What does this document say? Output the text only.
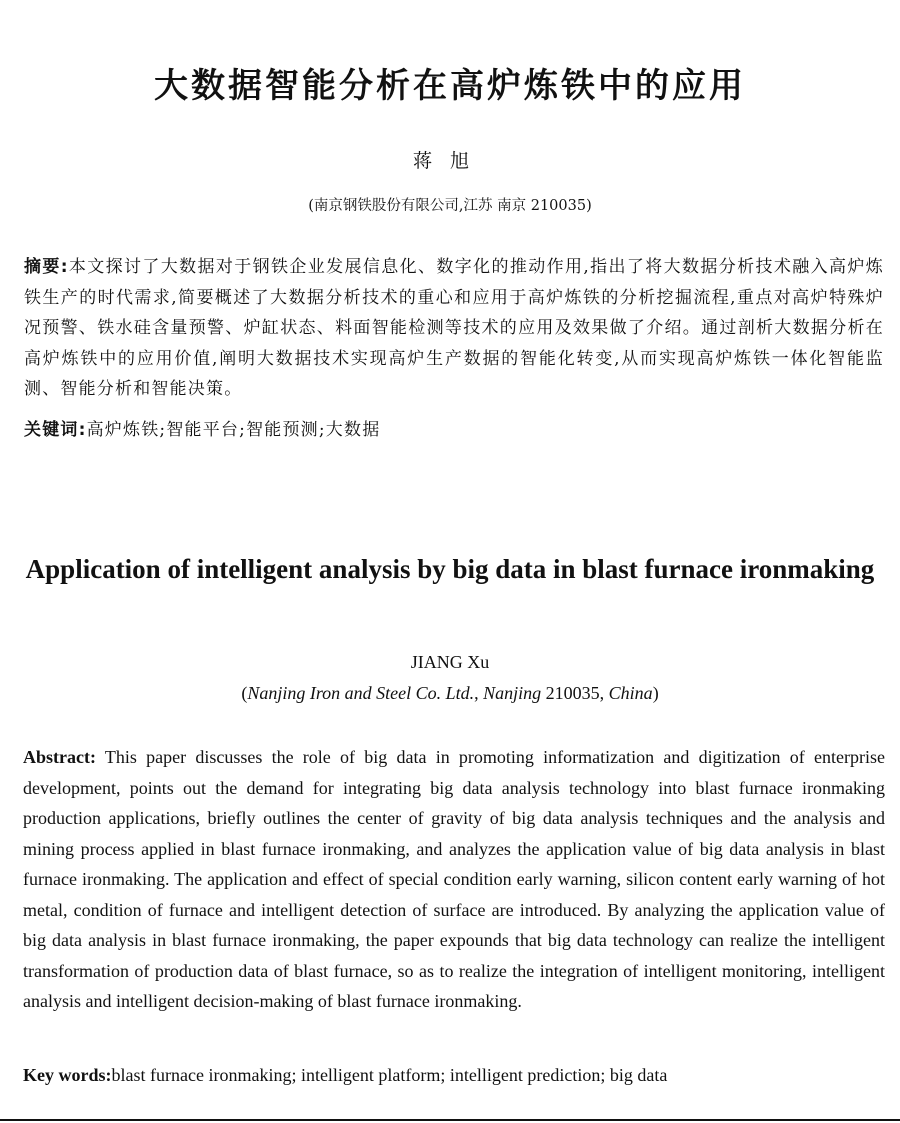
大数据智能分析在高炉炼铁中的应用
蒋旭
(南京钢铁股份有限公司,江苏 南京 210035)
摘要:本文探讨了大数据对于钢铁企业发展信息化、数字化的推动作用,指出了将大数据分析技术融入高炉炼铁生产的时代需求,简要概述了大数据分析技术的重心和应用于高炉炼铁的分析挖掘流程,重点对高炉特殊炉况预警、铁水硅含量预警、炉缸状态、料面智能检测等技术的应用及效果做了介绍。通过剖析大数据分析在高炉炼铁中的应用价值,阐明大数据技术实现高炉生产数据的智能化转变,从而实现高炉炼铁一体化智能监测、智能分析和智能决策。
关键词:高炉炼铁;智能平台;智能预测;大数据
Application of intelligent analysis by big data in blast furnace ironmaking
JIANG Xu
(Nanjing Iron and Steel Co. Ltd., Nanjing 210035, China)
Abstract: This paper discusses the role of big data in promoting informatization and digitization of enterprise development, points out the demand for integrating big data analysis technology into blast furnace ironmaking production applications, briefly outlines the center of gravity of big data analysis techniques and the analysis and mining process applied in blast furnace ironmaking, and analyzes the application value of big data analysis in blast furnace ironmaking. The application and effect of special condition early warning, silicon content early warning of hot metal, condition of furnace and intelligent detection of surface are introduced. By analyzing the application value of big data analysis in blast furnace ironmaking, the paper expounds that big data technology can realize the intelligent transformation of production data of blast furnace, so as to realize the integration of intelligent monitoring, intelligent analysis and intelligent decision-making of blast furnace ironmaking.
Key words:blast furnace ironmaking; intelligent platform; intelligent prediction; big data
